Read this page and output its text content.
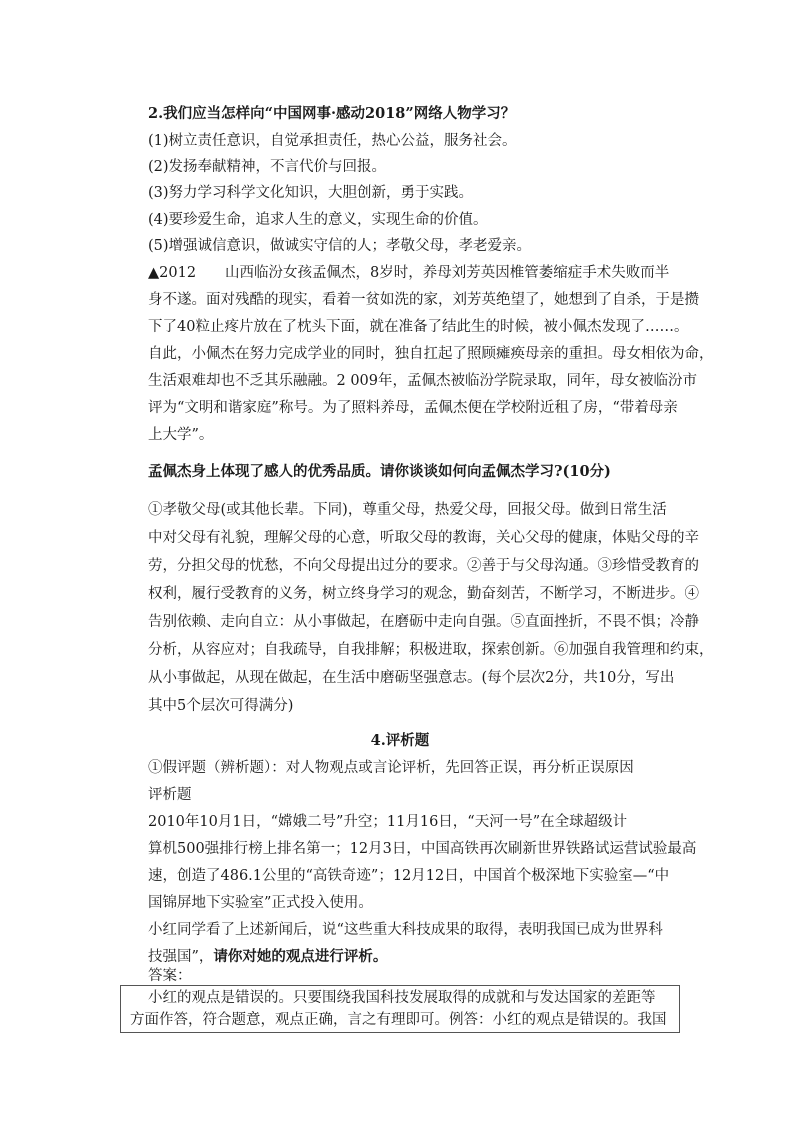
2.我们应当怎样向“中国网事·感动2018”网络人物学习？
(1)树立责任意识，自觉承担责任，热心公益，服务社会。
(2)发扬奉献精神，不言代价与回报。
(3)努力学习科学文化知识，大胆创新，勇于实践。
(4)要珍爱生命，追求人生的意义，实现生命的价值。
(5)增强诚信意识，做诚实守信的人；孝敬父母，孝老爱亲。
▲2012　　山西临汾女孩孟佩杰，8岁时，养母刘芳英因椎管萎缩症手术失败而半
身不遂。面对残酷的现实，看着一贫如洗的家，刘芳英绝望了，她想到了自杀，于是攒
下了40粒止疼片放在了枕头下面，就在准备了结此生的时候，被小佩杰发现了……。
自此，小佩杰在努力完成学业的同时，独自扛起了照顾瘫痪母亲的重担。母女相依为命，
生活艰难却也不乏其乐融融。2 009年，孟佩杰被临汾学院录取，同年，母女被临汾市
评为“文明和谐家庭”称号。为了照料养母，孟佩杰便在学校附近租了房，“带着母亲
上大学”。
孟佩杰身上体现了感人的优秀品质。请你谈谈如何向孟佩杰学习?(10分)
①孝敬父母(或其他长辈。下同)，尊重父母，热爱父母，回报父母。做到日常生活
中对父母有礼貌，理解父母的心意，听取父母的教诲，关心父母的健康，体贴父母的辛
劳，分担父母的忧愁，不向父母提出过分的要求。②善于与父母沟通。③珍惜受教育的
权利，履行受教育的义务，树立终身学习的观念，勤奋刻苦，不断学习，不断进步。④
告别依赖、走向自立：从小事做起，在磨砺中走向自强。⑤直面挫折，不畏不惧；冷静
分析，从容应对；自我疏导，自我排解；积极进取，探索创新。⑥加强自我管理和约束，
从小事做起，从现在做起，在生活中磨砺坚强意志。(每个层次2分，共10分，写出
其中5个层次可得满分)
4.评析题
①假评题（辨析题）：对人物观点或言论评析，先回答正误，再分析正误原因
评析题
2010年10月1日，“嫦娥二号”升空；11月16日，“天河一号”在全球超级计
算机500强排行榜上排名第一；12月3日，中国高铁再次刷新世界铁路试运营试验最高
速，创造了486.1公里的“高铁奇迹”；12月12日，中国首个极深地下实验室—“中
国锦屏地下实验室”正式投入使用。
小红同学看了上述新闻后，说“这些重大科技成果的取得，表明我国已成为世界科
技强国”，请你对她的观点进行评析。
答案：
小红的观点是错误的。只要围绕我国科技发展取得的成就和与发达国家的差距等
方面作答，符合题意，观点正确，言之有理即可。例答：小红的观点是错误的。我国
